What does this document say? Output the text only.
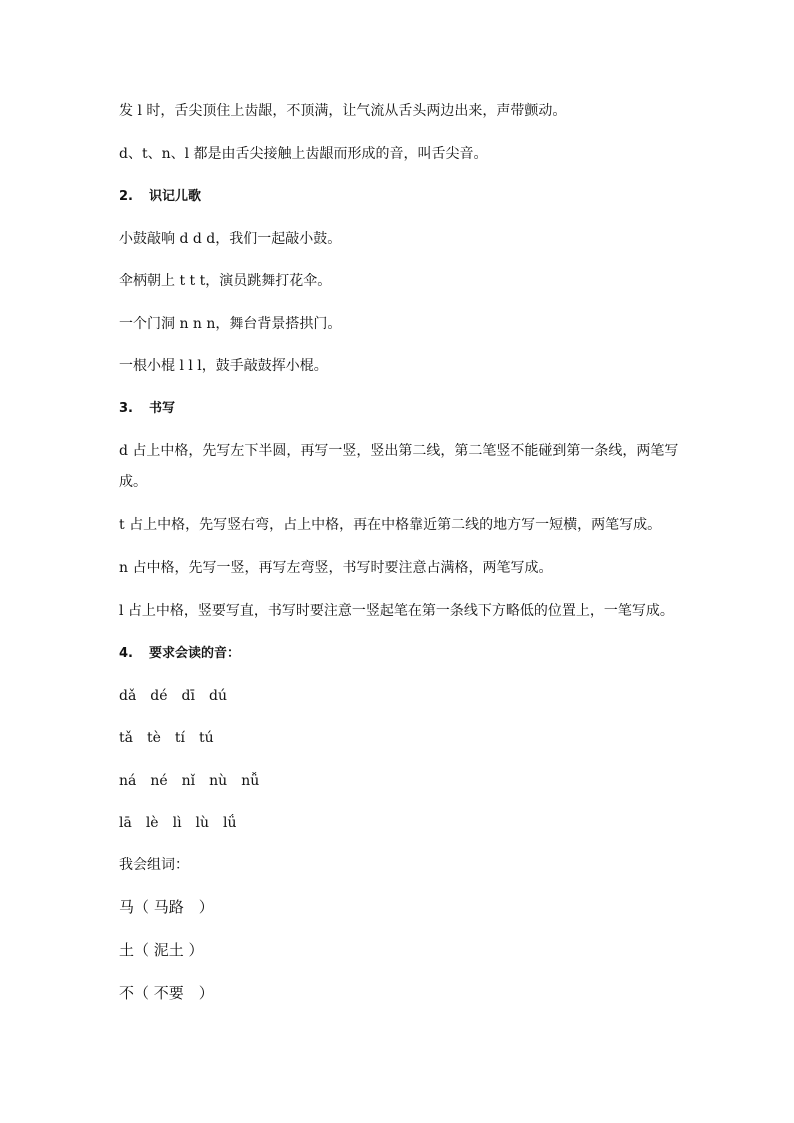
发 l 时，舌尖顶住上齿龈，不顶满，让气流从舌头两边出来，声带颤动。
d、t、n、l 都是由舌尖接触上齿龈而形成的音，叫舌尖音。
2. 识记儿歌
小鼓敲响 d d d，我们一起敲小鼓。
伞柄朝上 t t t，演员跳舞打花伞。
一个门洞 n n n，舞台背景搭拱门。
一根小棍 l l l，鼓手敲鼓挥小棍。
3. 书写
d 占上中格，先写左下半圆，再写一竖，竖出第二线，第二笔竖不能碰到第一条线，两笔写
成。
t 占上中格，先写竖右弯，占上中格，再在中格靠近第二线的地方写一短横，两笔写成。
n 占中格，先写一竖，再写左弯竖，书写时要注意占满格，两笔写成。
l 占上中格，竖要写直，书写时要注意一竖起笔在第一条线下方略低的位置上，一笔写成。
4. 要求会读的音：
dǎ　dé　dī　dú
tǎ　tè　tí　tú
ná　né　nǐ　nù　nǚ
lā　lè　lì　lù　lǘ
我会组词：
马（ 马路　）
土（ 泥土 ）
不（ 不要　）
